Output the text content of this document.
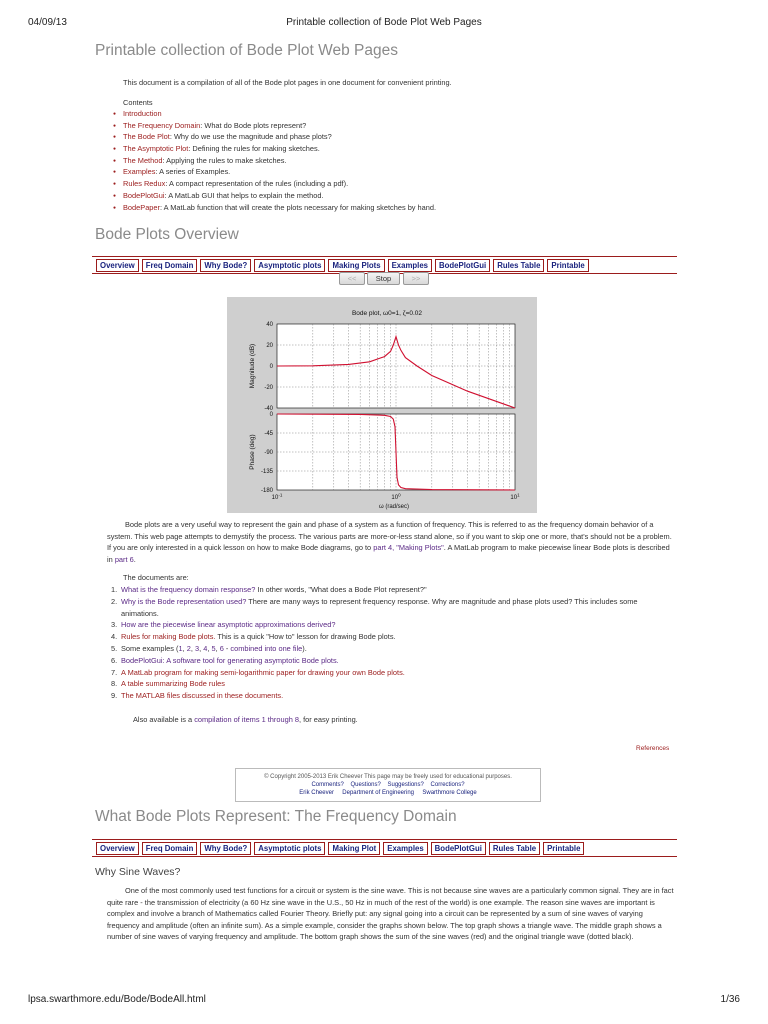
04/09/13	Printable collection of Bode Plot Web Pages
Printable collection of Bode Plot Web Pages
This document is a compilation of all of the Bode plot pages in one document for convenient printing.
Contents
● Introduction
● The Frequency Domain: What do Bode plots represent?
● The Bode Plot: Why do we use the magnitude and phase plots?
● The Asymptotic Plot: Defining the rules for making sketches.
● The Method: Applying the rules to make sketches.
● Examples: A series of Examples.
● Rules Redux: A compact representation of the rules (including a pdf).
● BodePlotGui: A MatLab GUI that helps to explain the method.
● BodePaper: A MatLab function that will create the plots necessary for making sketches by hand.
Bode Plots Overview
Overview	Freq Domain	Why Bode?	Asymptotic plots	Making Plots	Examples	BodePlotGui	Rules Table	Printable
<<	Stop	>>
Bode plot, ω0=1, ζ=0.02
40
20
0
-20
-40
Magnitude (dB)
0
-45
-90
-135
-180
Phase (deg)
$10^{-1}$	$10^0$	$10^1$
ω (rad/sec)
Bode plots are a very useful way to represent the gain and phase of a system as a function of frequency. This is referred to as the frequency domain behavior of a system. This web page attempts to demystify the process. The various parts are more-or-less stand alone, so if you want to skip one or more, that's should not be a problem. If you are only interested in a quick lesson on how to make Bode diagrams, go to part 4, "Making Plots". A MatLab program to make piecewise linear Bode plots is described in part 6.
The documents are:
1. What is the frequency domain response? In other words, "What does a Bode Plot represent?"
2. Why is the Bode representation used? There are many ways to represent frequency response. Why are magnitude and phase plots used? This includes some animations.
3. How are the piecewise linear asymptotic approximations derived?
4. Rules for making Bode plots. This is a quick "How to" lesson for drawing Bode plots.
5. Some examples (1, 2, 3, 4, 5, 6 - combined into one file).
6. BodePlotGui: A software tool for generating asymptotic Bode plots.
7. A MatLab program for making semi-logarithmic paper for drawing your own Bode plots.
8. A table summarizing Bode rules
9. The MATLAB files discussed in these documents.
Also available is a compilation of items 1 through 8, for easy printing.
References
© Copyright 2005-2013 Erik Cheever This page may be freely used for educational purposes.
Comments? Questions? Suggestions? Corrections?
Erik Cheever Department of Engineering Swarthmore College
What Bode Plots Represent: The Frequency Domain
Overview	Freq Domain	Why Bode?	Asymptotic plots	Making Plot	Examples	BodePlotGui	Rules Table	Printable
Why Sine Waves?
One of the most commonly used test functions for a circuit or system is the sine wave. This is not because sine waves are a particularly common signal. They are in fact quite rare - the transmission of electricity (a 60 Hz sine wave in the U.S., 50 Hz in much of the rest of the world) is one example. The reason sine waves are important is complex and involve a branch of Mathematics called Fourier Theory. Briefly put: any signal going into a circuit can be represented by a sum of sine waves of varying frequency and amplitude (often an infinite sum). As a simple example, consider the graphs shown below. The top graph shows a triangle wave. The middle graph shows a number of sine waves of varying frequency and amplitude. The bottom graph shows the sum of the sine waves (red) and the original triangle wave (dotted black).
lpsa.swarthmore.edu/Bode/BodeAll.html	1/36
